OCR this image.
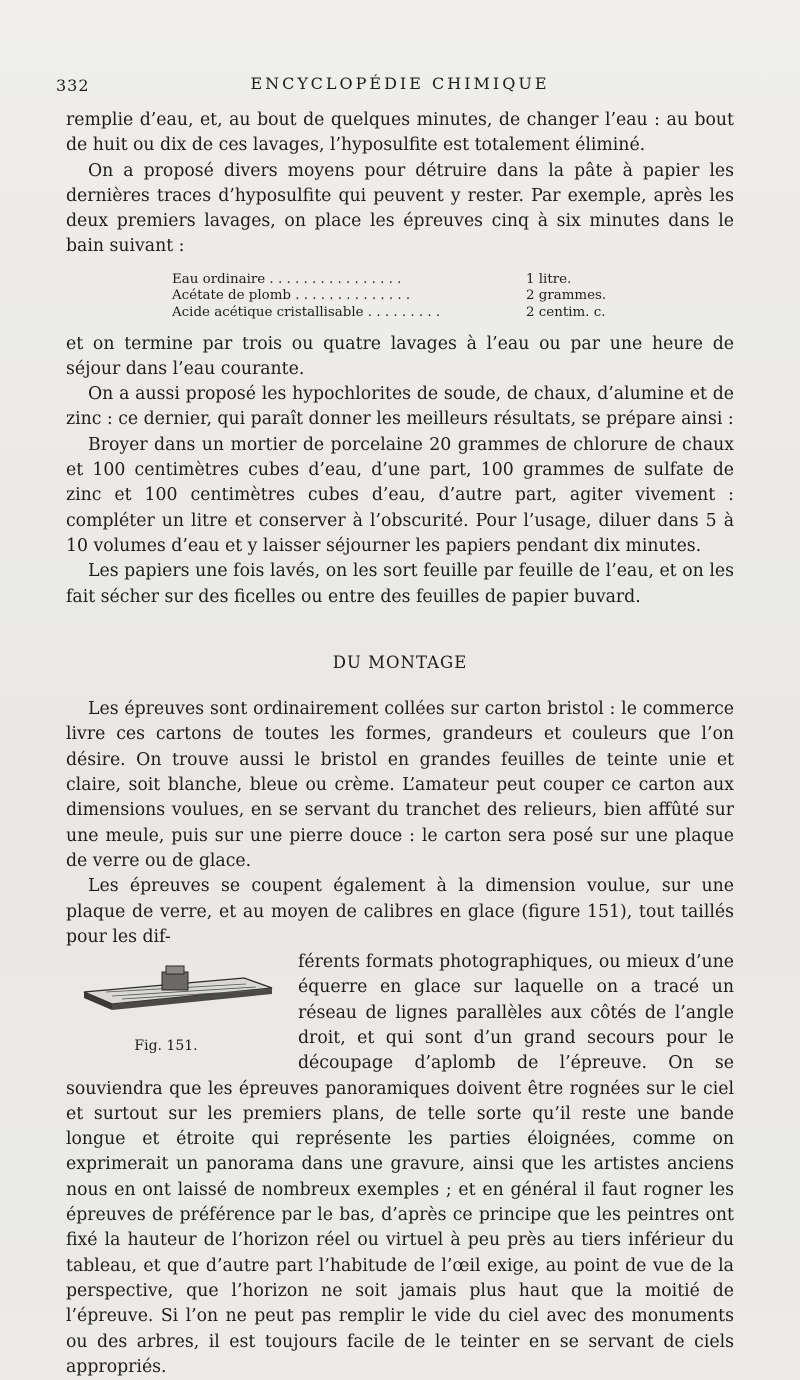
332	ENCYCLOPÉDIE CHIMIQUE

remplie d’eau, et, au bout de quelques minutes, de changer l’eau : au bout de huit ou dix de ces lavages, l’hyposulfite est totalement éliminé.

On a proposé divers moyens pour détruire dans la pâte à papier les dernières traces d’hyposulfite qui peuvent y rester. Par exemple, après les deux premiers lavages, on place les épreuves cinq à six minutes dans le bain suivant :

Eau ordinaire . . . . . . . . . . . . . . . .	1 litre.
Acétate de plomb . . . . . . . . . . . . . .	2 grammes.
Acide acétique cristallisable . . . . . . . . .	2 centim. c.

et on termine par trois ou quatre lavages à l’eau ou par une heure de séjour dans l’eau courante.

On a aussi proposé les hypochlorites de soude, de chaux, d’alumine et de zinc : ce dernier, qui paraît donner les meilleurs résultats, se prépare ainsi :

Broyer dans un mortier de porcelaine 20 grammes de chlorure de chaux et 100 centimètres cubes d’eau, d’une part, 100 grammes de sulfate de zinc et 100 centimètres cubes d’eau, d’autre part, agiter vivement : compléter un litre et conserver à l’obscurité. Pour l’usage, diluer dans 5 à 10 volumes d’eau et y laisser séjourner les papiers pendant dix minutes.

Les papiers une fois lavés, on les sort feuille par feuille de l’eau, et on les fait sécher sur des ficelles ou entre des feuilles de papier buvard.

DU MONTAGE

Les épreuves sont ordinairement collées sur carton bristol : le commerce livre ces cartons de toutes les formes, grandeurs et couleurs que l’on désire. On trouve aussi le bristol en grandes feuilles de teinte unie et claire, soit blanche, bleue ou crème. L’amateur peut couper ce carton aux dimensions voulues, en se servant du tranchet des relieurs, bien affûté sur une meule, puis sur une pierre douce : le carton sera posé sur une plaque de verre ou de glace.

Les épreuves se coupent également à la dimension voulue, sur une plaque de verre, et au moyen de calibres en glace (figure 151), tout taillés pour les dif-

Fig. 151.

férents formats photographiques, ou mieux d’une équerre en glace sur laquelle on a tracé un réseau de lignes parallèles aux côtés de l’angle droit, et qui sont d’un grand secours pour le découpage d’aplomb de l’épreuve. On se souviendra que les épreuves panoramiques doivent être rognées sur le ciel et surtout sur les premiers plans, de telle sorte qu’il reste une bande longue et étroite qui représente les parties éloignées, comme on exprimerait un panorama dans une gravure, ainsi que les artistes anciens nous en ont laissé de nombreux exemples ; et en général il faut rogner les épreuves de préférence par le bas, d’après ce principe que les peintres ont fixé la hauteur de l’horizon réel ou virtuel à peu près au tiers inférieur du tableau, et que d’autre part l’habitude de l’œil exige, au point de vue de la perspective, que l’horizon ne soit jamais plus haut que la moitié de l’épreuve. Si l’on ne peut pas remplir le vide du ciel avec des monuments ou des arbres, il est toujours facile de le teinter en se servant de ciels appropriés.
